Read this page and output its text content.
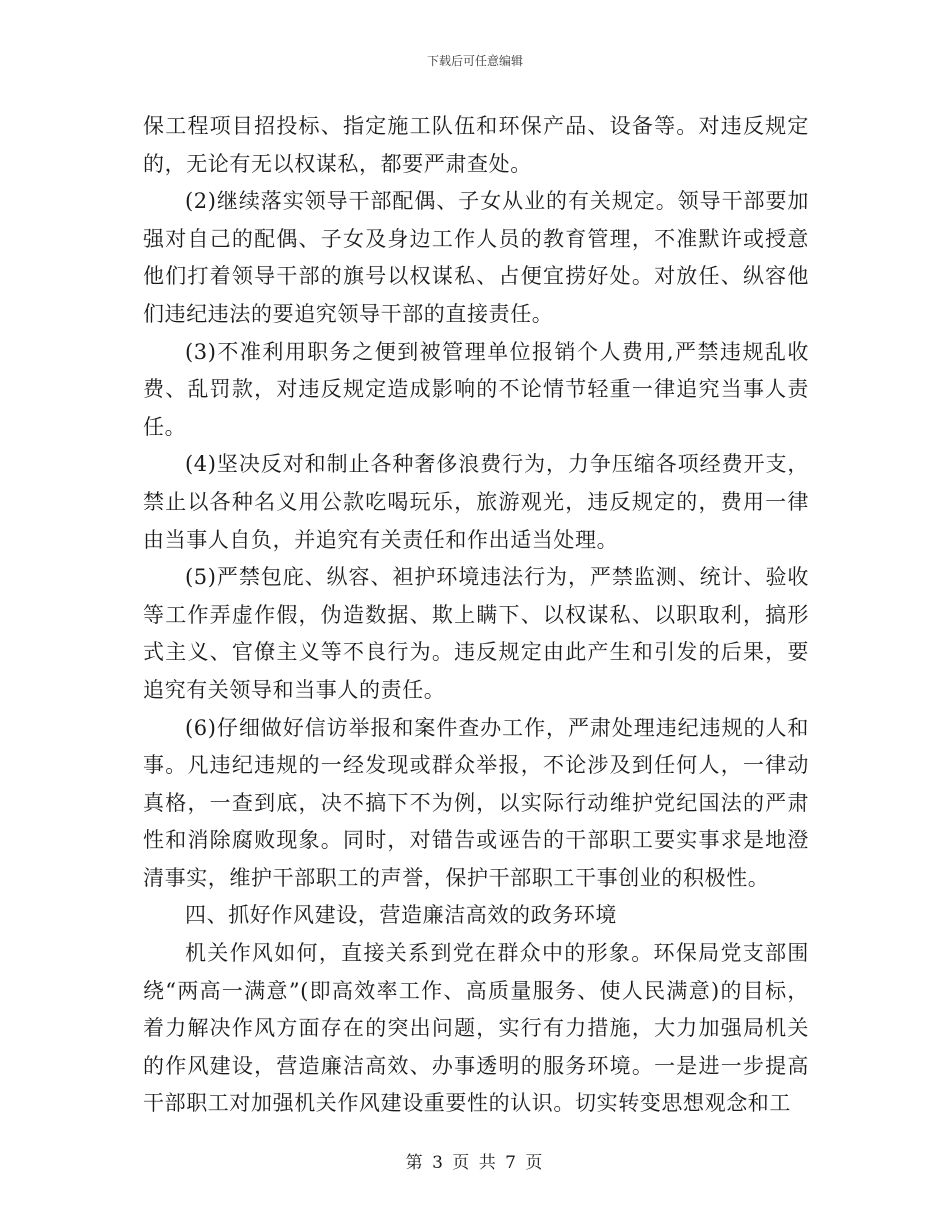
下载后可任意编辑

保工程项目招投标、指定施工队伍和环保产品、设备等。对违反规定的，无论有无以权谋私，都要严肃查处。

(2)继续落实领导干部配偶、子女从业的有关规定。领导干部要加强对自己的配偶、子女及身边工作人员的教育管理，不准默许或授意他们打着领导干部的旗号以权谋私、占便宜捞好处。对放任、纵容他们违纪违法的要追究领导干部的直接责任。

(3)不准利用职务之便到被管理单位报销个人费用,严禁违规乱收费、乱罚款，对违反规定造成影响的不论情节轻重一律追究当事人责任。

(4)坚决反对和制止各种奢侈浪费行为，力争压缩各项经费开支，禁止以各种名义用公款吃喝玩乐，旅游观光，违反规定的，费用一律由当事人自负，并追究有关责任和作出适当处理。

(5)严禁包庇、纵容、袒护环境违法行为，严禁监测、统计、验收等工作弄虚作假，伪造数据、欺上瞒下、以权谋私、以职取利，搞形式主义、官僚主义等不良行为。违反规定由此产生和引发的后果，要追究有关领导和当事人的责任。

(6)仔细做好信访举报和案件查办工作，严肃处理违纪违规的人和事。凡违纪违规的一经发现或群众举报，不论涉及到任何人，一律动真格，一查到底，决不搞下不为例，以实际行动维护党纪国法的严肃性和消除腐败现象。同时，对错告或诬告的干部职工要实事求是地澄清事实，维护干部职工的声誉，保护干部职工干事创业的积极性。

四、抓好作风建设，营造廉洁高效的政务环境

机关作风如何，直接关系到党在群众中的形象。环保局党支部围绕“两高一满意”(即高效率工作、高质量服务、使人民满意)的目标，着力解决作风方面存在的突出问题，实行有力措施，大力加强局机关的作风建设，营造廉洁高效、办事透明的服务环境。一是进一步提高干部职工对加强机关作风建设重要性的认识。切实转变思想观念和工

第 3 页 共 7 页
